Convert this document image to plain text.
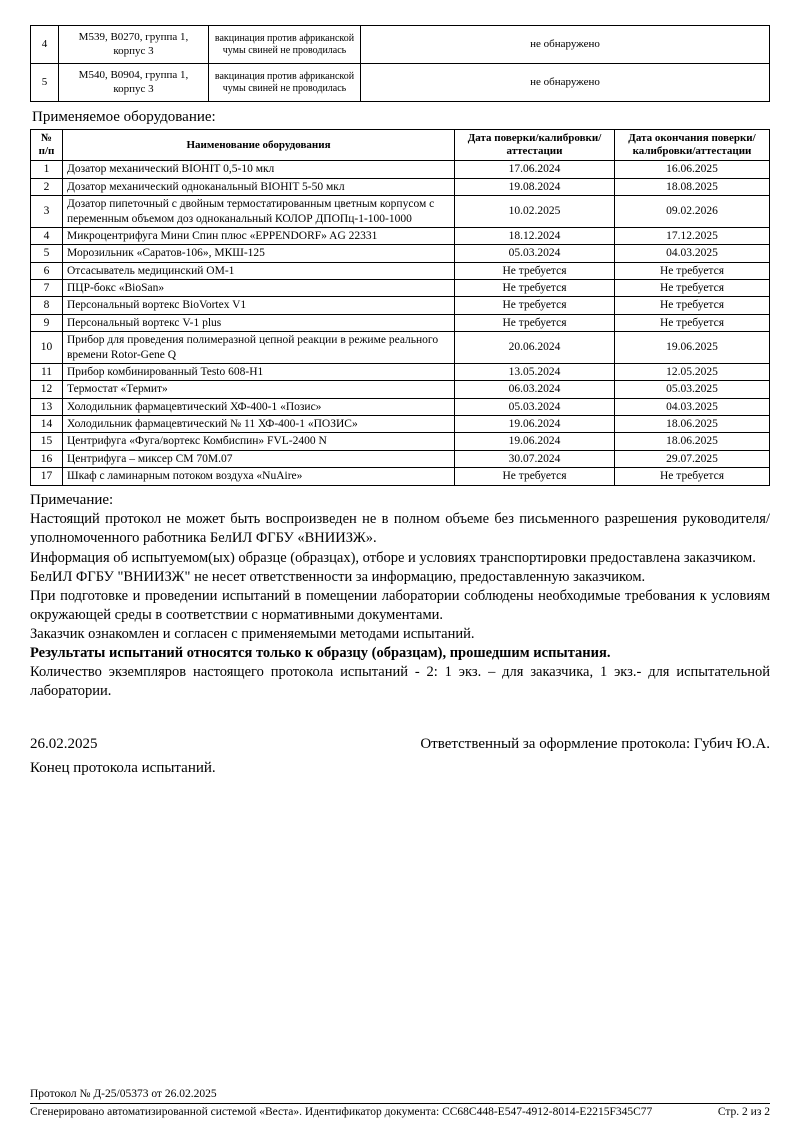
4	М539, В0270, группа 1, корпус 3	вакцинация против африканской чумы свиней не проводилась	не обнаружено
5	М540, В0904, группа 1, корпус 3	вакцинация против африканской чумы свиней не проводилась	не обнаружено
Применяемое оборудование:
№ п/п	Наименование оборудования	Дата поверки/калибровки/аттестации	Дата окончания поверки/калибровки/аттестации
1	Дозатор механический BIOHIT 0,5-10 мкл	17.06.2024	16.06.2025
2	Дозатор механический одноканальный BIOHIT 5-50 мкл	19.08.2024	18.08.2025
3	Дозатор пипеточный с двойным термостатированным цветным корпусом с переменным объемом доз одноканальный КОЛОР ДПОПц-1-100-1000	10.02.2025	09.02.2026
4	Микроцентрифуга Мини Спин плюс «EPPENDORF» AG 22331	18.12.2024	17.12.2025
5	Морозильник «Саратов-106», МКШ-125	05.03.2024	04.03.2025
6	Отсасыватель медицинский ОМ-1	Не требуется	Не требуется
7	ПЦР-бокс «BioSan»	Не требуется	Не требуется
8	Персональный вортекс BioVortex V1	Не требуется	Не требуется
9	Персональный вортекс V-1 plus	Не требуется	Не требуется
10	Прибор для проведения полимеразной цепной реакции в режиме реального времени Rotor-Gene Q	20.06.2024	19.06.2025
11	Прибор комбинированный Testo 608-H1	13.05.2024	12.05.2025
12	Термостат «Термит»	06.03.2024	05.03.2025
13	Холодильник фармацевтический ХФ-400-1 «Позис»	05.03.2024	04.03.2025
14	Холодильник фармацевтический № 11 ХФ-400-1 «ПОЗИС»	19.06.2024	18.06.2025
15	Центрифуга «Фуга/вортекс Комбиспин» FVL-2400 N	19.06.2024	18.06.2025
16	Центрифуга – миксер СМ 70М.07	30.07.2024	29.07.2025
17	Шкаф с ламинарным потоком воздуха «NuAire»	Не требуется	Не требуется
Примечание:
Настоящий протокол не может быть воспроизведен не в полном объеме без письменного разрешения руководителя/уполномоченного работника БелИЛ ФГБУ «ВНИИЗЖ».
Информация об испытуемом(ых) образце (образцах), отборе и условиях транспортировки предоставлена заказчиком.
БелИЛ ФГБУ "ВНИИЗЖ" не несет ответственности за информацию, предоставленную заказчиком.
При подготовке и проведении испытаний в помещении лаборатории соблюдены необходимые требования к условиям окружающей среды в соответствии с нормативными документами.
Заказчик ознакомлен и согласен с применяемыми методами испытаний.
Результаты испытаний относятся только к образцу (образцам), прошедшим испытания.
Количество экземпляров настоящего протокола испытаний - 2: 1 экз. – для заказчика, 1 экз.- для испытательной лаборатории.
26.02.2025	Ответственный за оформление протокола: Губич Ю.А.
Конец протокола испытаний.
Протокол № Д-25/05373 от 26.02.2025
Сгенерировано автоматизированной системой «Веста». Идентификатор документа: CC68C448-E547-4912-8014-E2215F345C77	Стр. 2 из 2
